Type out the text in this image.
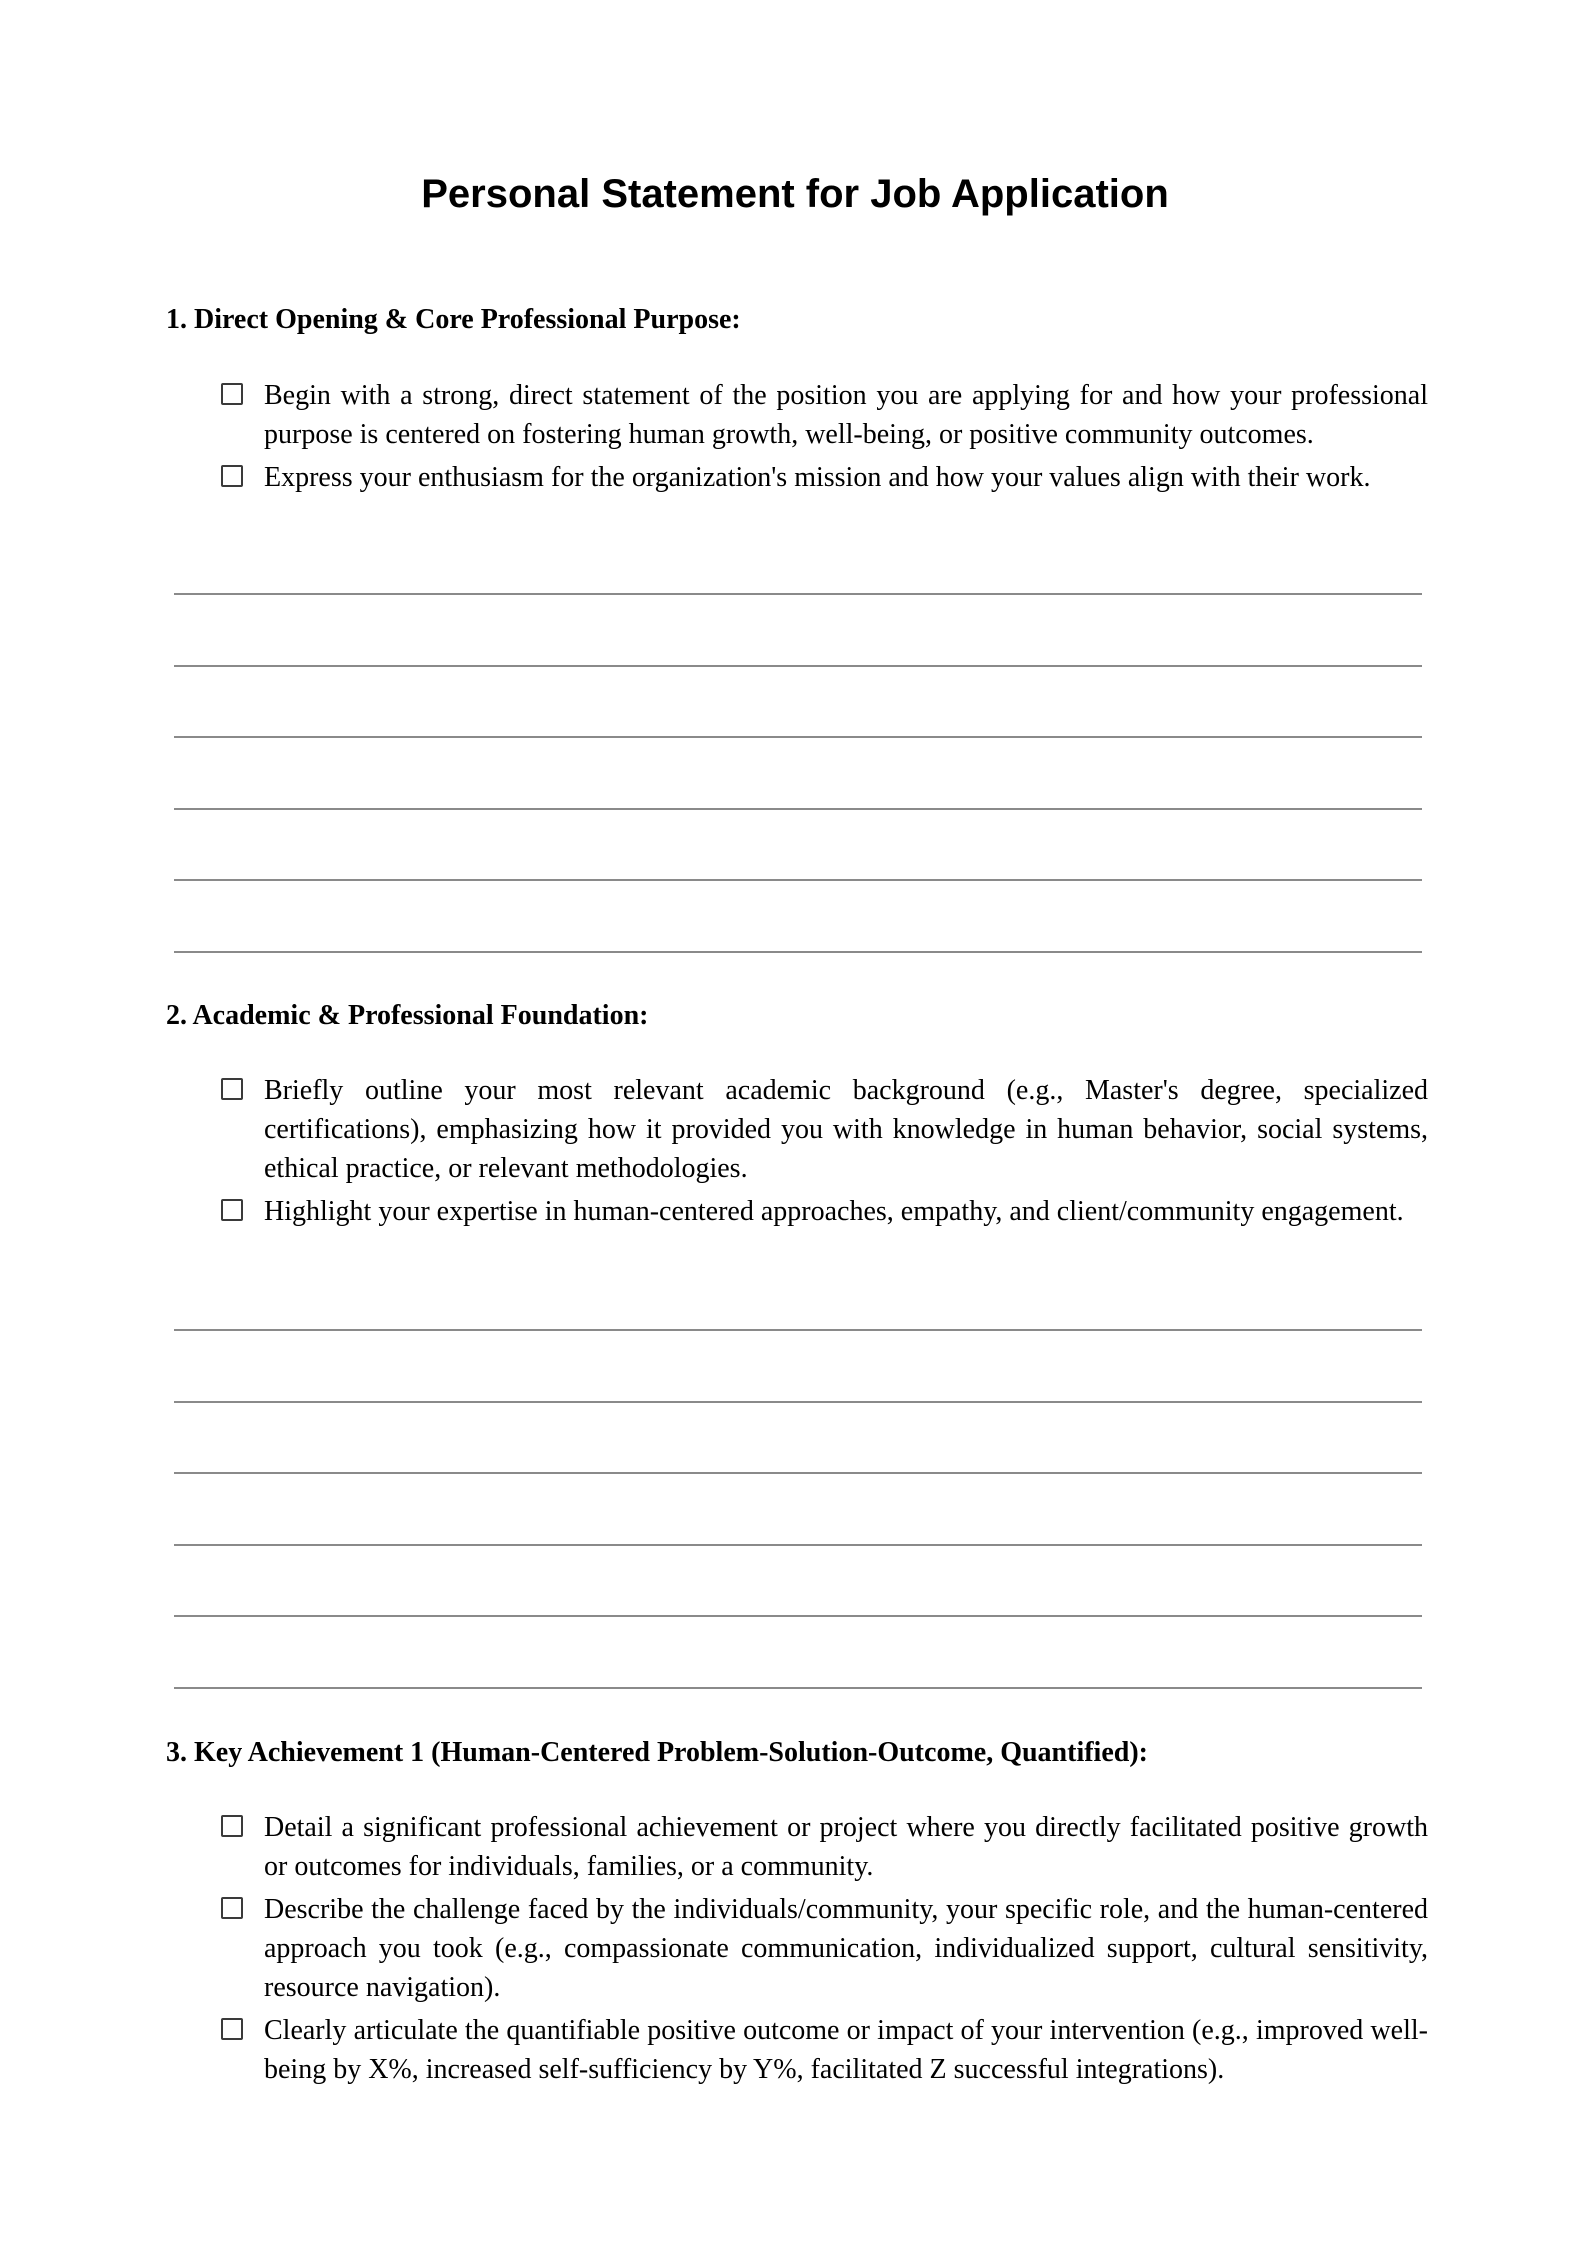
Personal Statement for Job Application
1. Direct Opening & Core Professional Purpose:
Begin with a strong, direct statement of the position you are applying for and how your professional purpose is centered on fostering human growth, well-being, or positive community outcomes.
Express your enthusiasm for the organization's mission and how your values align with their work.
2. Academic & Professional Foundation:
Briefly outline your most relevant academic background (e.g., Master's degree, specialized certifications), emphasizing how it provided you with knowledge in human behavior, social systems, ethical practice, or relevant methodologies.
Highlight your expertise in human-centered approaches, empathy, and client/community engagement.
3. Key Achievement 1 (Human-Centered Problem-Solution-Outcome, Quantified):
Detail a significant professional achievement or project where you directly facilitated positive growth or outcomes for individuals, families, or a community.
Describe the challenge faced by the individuals/community, your specific role, and the human-centered approach you took (e.g., compassionate communication, individualized support, cultural sensitivity, resource navigation).
Clearly articulate the quantifiable positive outcome or impact of your intervention (e.g., improved well-being by X%, increased self-sufficiency by Y%, facilitated Z successful integrations).
